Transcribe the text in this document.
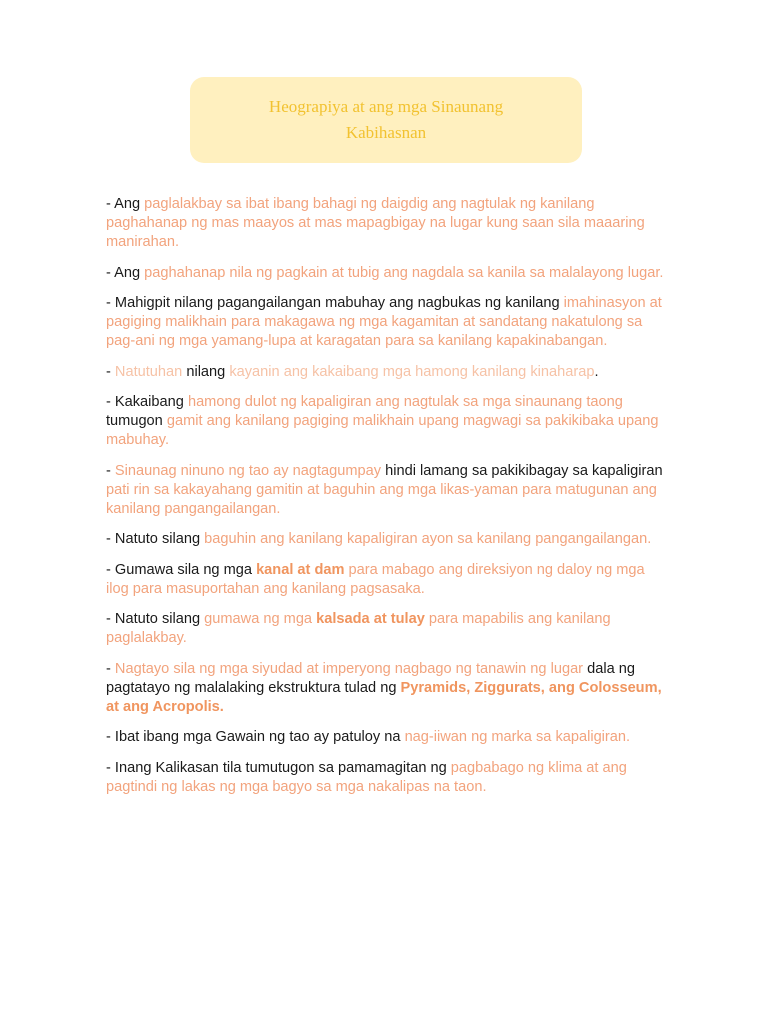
Heograpiya at ang mga Sinaunang Kabihasnan

- Ang paglalakbay sa ibat ibang bahagi ng daigdig ang nagtulak ng kanilang paghahanap ng mas maayos at mas mapagbigay na lugar kung saan sila maaaring manirahan.

- Ang paghahanap nila ng pagkain at tubig ang nagdala sa kanila sa malalayong lugar.

- Mahigpit nilang pagangailangan mabuhay ang nagbukas ng kanilang imahinasyon at pagiging malikhain para makagawa ng mga kagamitan at sandatang nakatulong sa pag-ani ng mga yamang-lupa at karagatan para sa kanilang kapakinabangan.

- Natutuhan nilang kayanin ang kakaibang mga hamong kanilang kinaharap.

- Kakaibang hamong dulot ng kapaligiran ang nagtulak sa mga sinaunang taong tumugon gamit ang kanilang pagiging malikhain upang magwagi sa pakikibaka upang mabuhay.

- Sinaunag ninuno ng tao ay nagtagumpay hindi lamang sa pakikibagay sa kapaligiran pati rin sa kakayahang gamitin at baguhin ang mga likas-yaman para matugunan ang kanilang pangangailangan.

- Natuto silang baguhin ang kanilang kapaligiran ayon sa kanilang pangangailangan.

- Gumawa sila ng mga kanal at dam para mabago ang direksiyon ng daloy ng mga ilog para masuportahan ang kanilang pagsasaka.

- Natuto silang gumawa ng mga kalsada at tulay para mapabilis ang kanilang paglalakbay.

- Nagtayo sila ng mga siyudad at imperyong nagbago ng tanawin ng lugar dala ng pagtatayo ng malalaking ekstruktura tulad ng Pyramids, Ziggurats, ang Colosseum, at ang Acropolis.

- Ibat ibang mga Gawain ng tao ay patuloy na nag-iiwan ng marka sa kapaligiran.

- Inang Kalikasan tila tumutugon sa pamamagitan ng pagbabago ng klima at ang pagtindi ng lakas ng mga bagyo sa mga nakalipas na taon.
